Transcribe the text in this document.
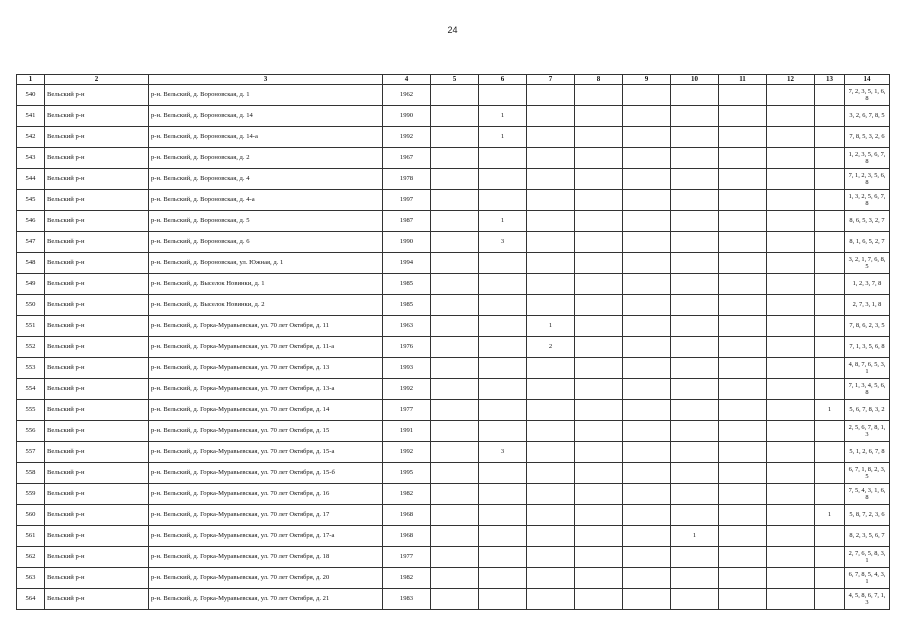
24
1	2	3	4	5	6	7	8	9	10	11	12	13	14
540	Вельский р-н	р-н. Вельский, д. Вороновская, д. 1	1962										7, 2, 3, 5, 1, 6, 8
541	Вельский р-н	р-н. Вельский, д. Вороновская, д. 14	1990		1								3, 2, 6, 7, 8, 5
542	Вельский р-н	р-н. Вельский, д. Вороновская, д. 14-а	1992		1								7, 8, 5, 3, 2, 6
543	Вельский р-н	р-н. Вельский, д. Вороновская, д. 2	1967										1, 2, 3, 5, 6, 7, 8
544	Вельский р-н	р-н. Вельский, д. Вороновская, д. 4	1978										7, 1, 2, 3, 5, 6, 8
545	Вельский р-н	р-н. Вельский, д. Вороновская, д. 4-а	1997										1, 3, 2, 5, 6, 7, 8
546	Вельский р-н	р-н. Вельский, д. Вороновская, д. 5	1987		1								8, 6, 5, 3, 2, 7
547	Вельский р-н	р-н. Вельский, д. Вороновская, д. 6	1990		3								8, 1, 6, 5, 2, 7
548	Вельский р-н	р-н. Вельский, д. Вороновская, ул. Южная, д. 1	1994										3, 2, 1, 7, 6, 8, 5
549	Вельский р-н	р-н. Вельский, д. Выселок Новинки, д. 1	1985										1, 2, 3, 7, 8
550	Вельский р-н	р-н. Вельский, д. Выселок Новинки, д. 2	1985										2, 7, 3, 1, 8
551	Вельский р-н	р-н. Вельский, д. Горка-Муравьевская, ул. 70 лет Октября, д. 11	1963			1							7, 8, 6, 2, 3, 5
552	Вельский р-н	р-н. Вельский, д. Горка-Муравьевская, ул. 70 лет Октября, д. 11-а	1976			2							7, 1, 3, 5, 6, 8
553	Вельский р-н	р-н. Вельский, д. Горка-Муравьевская, ул. 70 лет Октября, д. 13	1993										4, 8, 7, 6, 5, 3, 1
554	Вельский р-н	р-н. Вельский, д. Горка-Муравьевская, ул. 70 лет Октября, д. 13-а	1992										7, 1, 3, 4, 5, 6, 8
555	Вельский р-н	р-н. Вельский, д. Горка-Муравьевская, ул. 70 лет Октября, д. 14	1977									1	5, 6, 7, 8, 3, 2
556	Вельский р-н	р-н. Вельский, д. Горка-Муравьевская, ул. 70 лет Октября, д. 15	1991										2, 5, 6, 7, 8, 1, 3
557	Вельский р-н	р-н. Вельский, д. Горка-Муравьевская, ул. 70 лет Октября, д. 15-а	1992		3								5, 1, 2, 6, 7, 8
558	Вельский р-н	р-н. Вельский, д. Горка-Муравьевская, ул. 70 лет Октября, д. 15-б	1995										6, 7, 1, 8, 2, 3, 5
559	Вельский р-н	р-н. Вельский, д. Горка-Муравьевская, ул. 70 лет Октября, д. 16	1982										7, 5, 4, 3, 1, 6, 8
560	Вельский р-н	р-н. Вельский, д. Горка-Муравьевская, ул. 70 лет Октября, д. 17	1968									1	5, 8, 7, 2, 3, 6
561	Вельский р-н	р-н. Вельский, д. Горка-Муравьевская, ул. 70 лет Октября, д. 17-а	1968						1				8, 2, 3, 5, 6, 7
562	Вельский р-н	р-н. Вельский, д. Горка-Муравьевская, ул. 70 лет Октября, д. 18	1977										2, 7, 6, 5, 8, 3, 1
563	Вельский р-н	р-н. Вельский, д. Горка-Муравьевская, ул. 70 лет Октября, д. 20	1982										6, 7, 8, 5, 4, 3, 1
564	Вельский р-н	р-н. Вельский, д. Горка-Муравьевская, ул. 70 лет Октября, д. 21	1983										4, 5, 8, 6, 7, 1, 3
